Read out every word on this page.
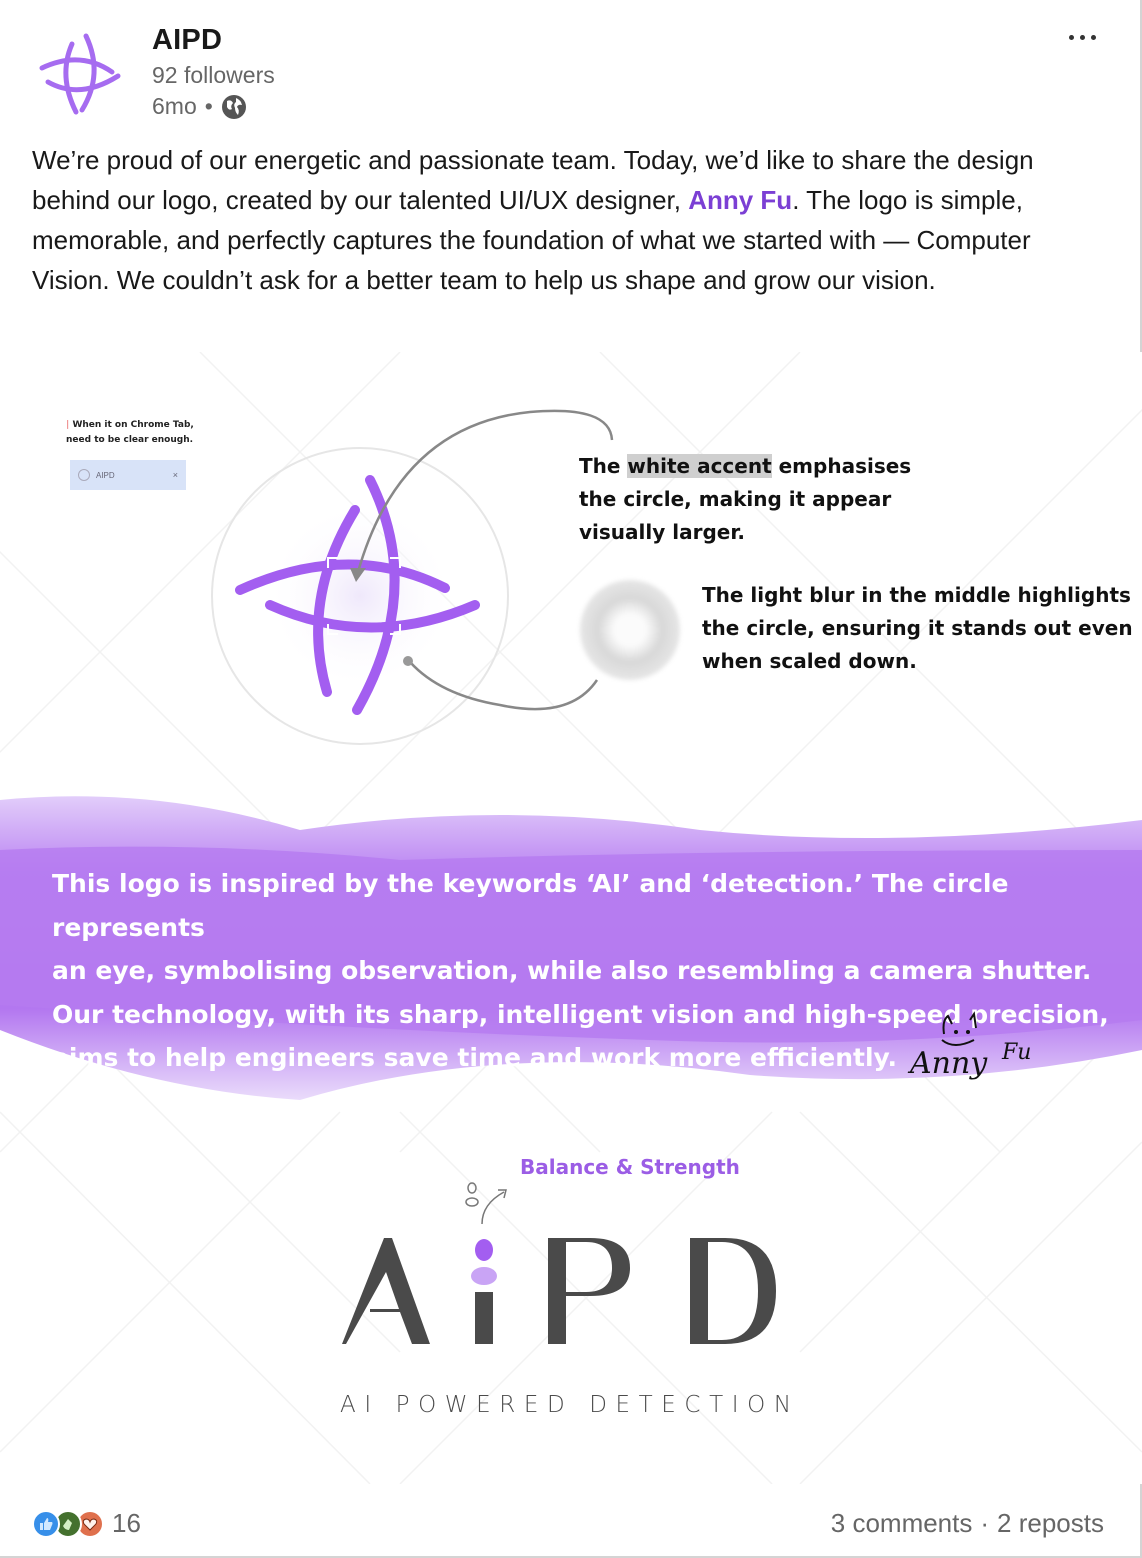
AIPD
92 followers
6mo •
We’re proud of our energetic and passionate team. Today, we’d like to share the design behind our logo, created by our talented UI/UX designer, Anny Fu. The logo is simple, memorable, and perfectly captures the foundation of what we started with — Computer Vision. We couldn’t ask for a better team to help us shape and grow our vision.
| When it on Chrome Tab,
need to be clear enough.
AIPD	×	The white accent emphasises
the circle, making it appear
visually larger.
The light blur in the middle highlights
the circle, ensuring it stands out even
when scaled down.
This logo is inspired by the keywords ‘AI’ and ‘detection.’ The circle represents
an eye, symbolising observation, while also resembling a camera shutter.
Our technology, with its sharp, intelligent vision and high-speed precision,
aims to help engineers save time and work more efficiently. Anny Fu
Balance & Strength
AI POWERED DETECTION
16	3 comments · 2 reposts
